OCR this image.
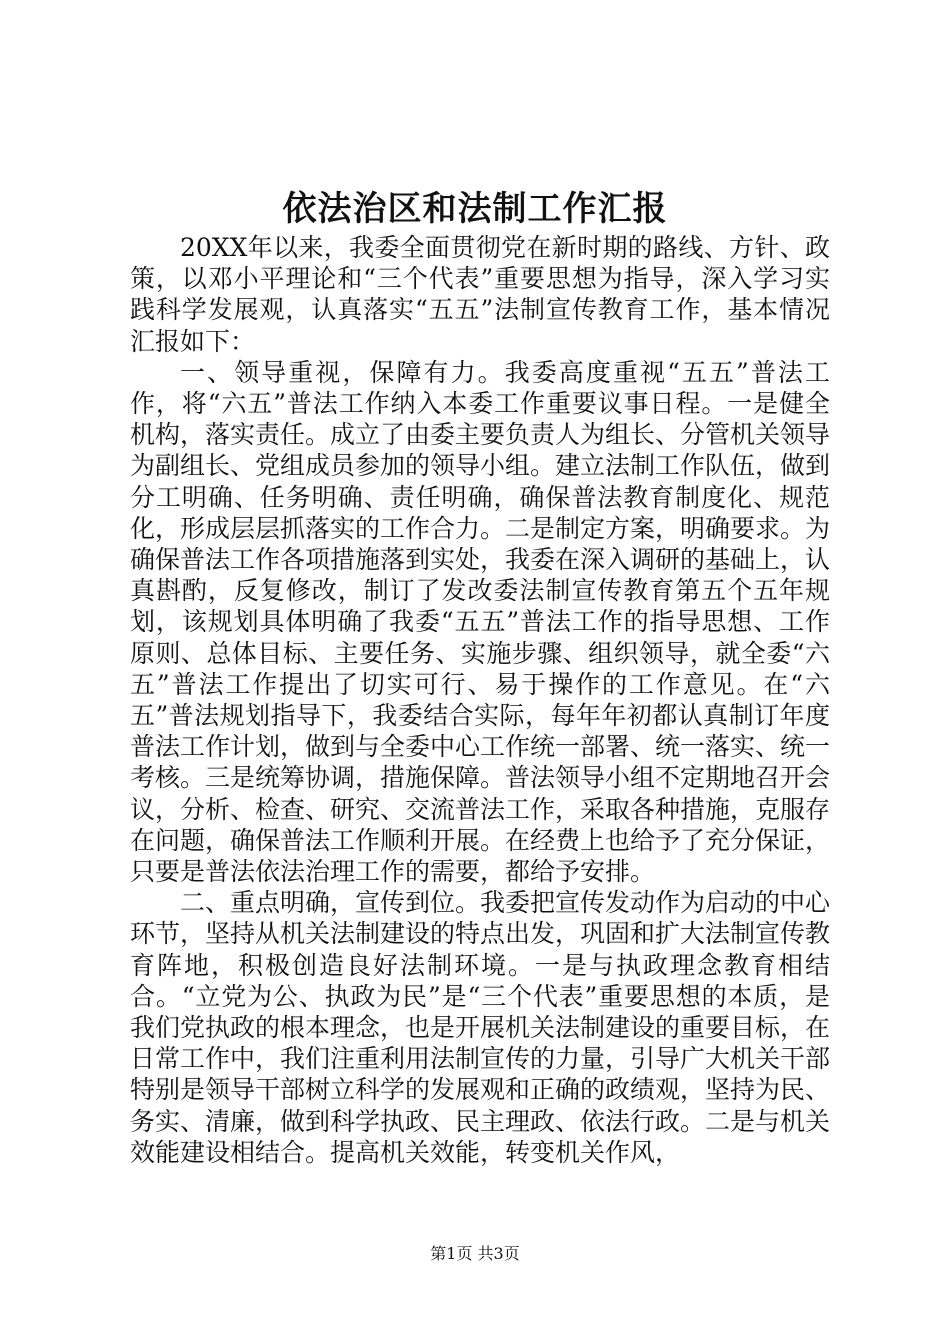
依法治区和法制工作汇报

20XX年以来，我委全面贯彻党在新时期的路线、方针、政策，以邓小平理论和“三个代表”重要思想为指导，深入学习实践科学发展观，认真落实“五五”法制宣传教育工作，基本情况汇报如下：

一、领导重视，保障有力。我委高度重视“五五”普法工作，将“六五”普法工作纳入本委工作重要议事日程。一是健全机构，落实责任。成立了由委主要负责人为组长、分管机关领导为副组长、党组成员参加的领导小组。建立法制工作队伍，做到分工明确、任务明确、责任明确，确保普法教育制度化、规范化，形成层层抓落实的工作合力。二是制定方案，明确要求。为确保普法工作各项措施落到实处，我委在深入调研的基础上，认真斟酌，反复修改，制订了发改委法制宣传教育第五个五年规划，该规划具体明确了我委“五五”普法工作的指导思想、工作原则、总体目标、主要任务、实施步骤、组织领导，就全委“六五”普法工作提出了切实可行、易于操作的工作意见。在“六五”普法规划指导下，我委结合实际，每年年初都认真制订年度普法工作计划，做到与全委中心工作统一部署、统一落实、统一考核。三是统筹协调，措施保障。普法领导小组不定期地召开会议，分析、检查、研究、交流普法工作，采取各种措施，克服存在问题，确保普法工作顺利开展。在经费上也给予了充分保证，只要是普法依法治理工作的需要，都给予安排。

二、重点明确，宣传到位。我委把宣传发动作为启动的中心环节，坚持从机关法制建设的特点出发，巩固和扩大法制宣传教育阵地，积极创造良好法制环境。一是与执政理念教育相结合。“立党为公、执政为民”是“三个代表”重要思想的本质，是我们党执政的根本理念，也是开展机关法制建设的重要目标，在日常工作中，我们注重利用法制宣传的力量，引导广大机关干部特别是领导干部树立科学的发展观和正确的政绩观，坚持为民、务实、清廉，做到科学执政、民主理政、依法行政。二是与机关效能建设相结合。提高机关效能，转变机关作风，

第1页 共3页
